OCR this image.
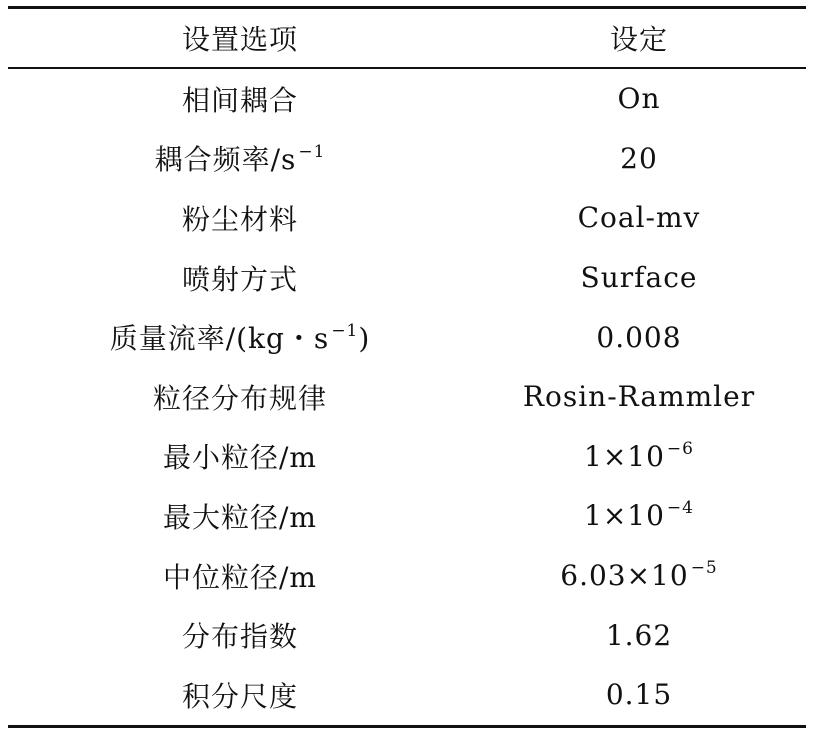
设置选项	设定
相间耦合	On
耦合频率/s $^{-1}$	20
粉尘材料	Coal-mv
喷射方式	Surface
质量流率/(kg・s $^{-1}$)	0.008
粒径分布规律	Rosin-Rammler
最小粒径/m	1×10 $^{-6}$
最大粒径/m	1×10 $^{-4}$
中位粒径/m	6.03×10 $^{-5}$
分布指数	1.62
积分尺度	0.15
